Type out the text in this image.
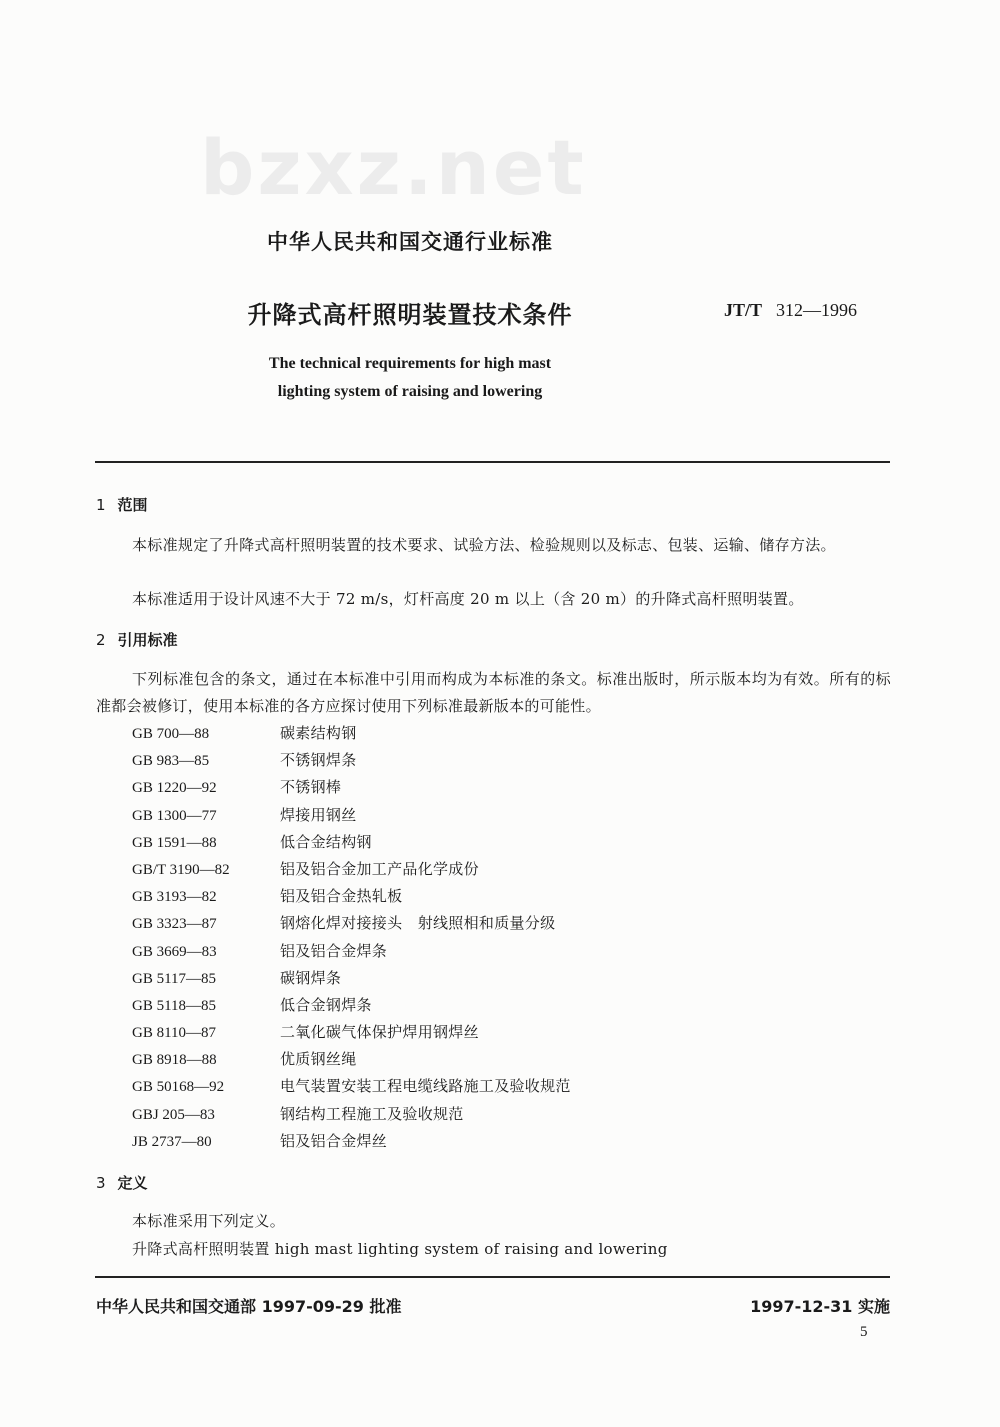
bzxz.net
中华人民共和国交通行业标准
升降式高杆照明装置技术条件	JT/T 312—1996
The technical requirements for high mast
lighting system of raising and lowering
1 范围
本标准规定了升降式高杆照明装置的技术要求、试验方法、检验规则以及标志、包装、运输、储存方法。
本标准适用于设计风速不大于 72 m/s，灯杆高度 20 m 以上（含 20 m）的升降式高杆照明装置。
2 引用标准
下列标准包含的条文，通过在本标准中引用而构成为本标准的条文。标准出版时，所示版本均为有效。所有的标准都会被修订，使用本标准的各方应探讨使用下列标准最新版本的可能性。
GB 700—88	碳素结构钢
GB 983—85	不锈钢焊条
GB 1220—92	不锈钢棒
GB 1300—77	焊接用钢丝
GB 1591—88	低合金结构钢
GB/T 3190—82	铝及铝合金加工产品化学成份
GB 3193—82	铝及铝合金热轧板
GB 3323—87	钢熔化焊对接接头　射线照相和质量分级
GB 3669—83	铝及铝合金焊条
GB 5117—85	碳钢焊条
GB 5118—85	低合金钢焊条
GB 8110—87	二氧化碳气体保护焊用钢焊丝
GB 8918—88	优质钢丝绳
GB 50168—92	电气装置安装工程电缆线路施工及验收规范
GBJ 205—83	钢结构工程施工及验收规范
JB 2737—80	铝及铝合金焊丝
3 定义
本标准采用下列定义。
升降式高杆照明装置 high mast lighting system of raising and lowering
中华人民共和国交通部 1997-09-29 批准	1997-12-31 实施
5
